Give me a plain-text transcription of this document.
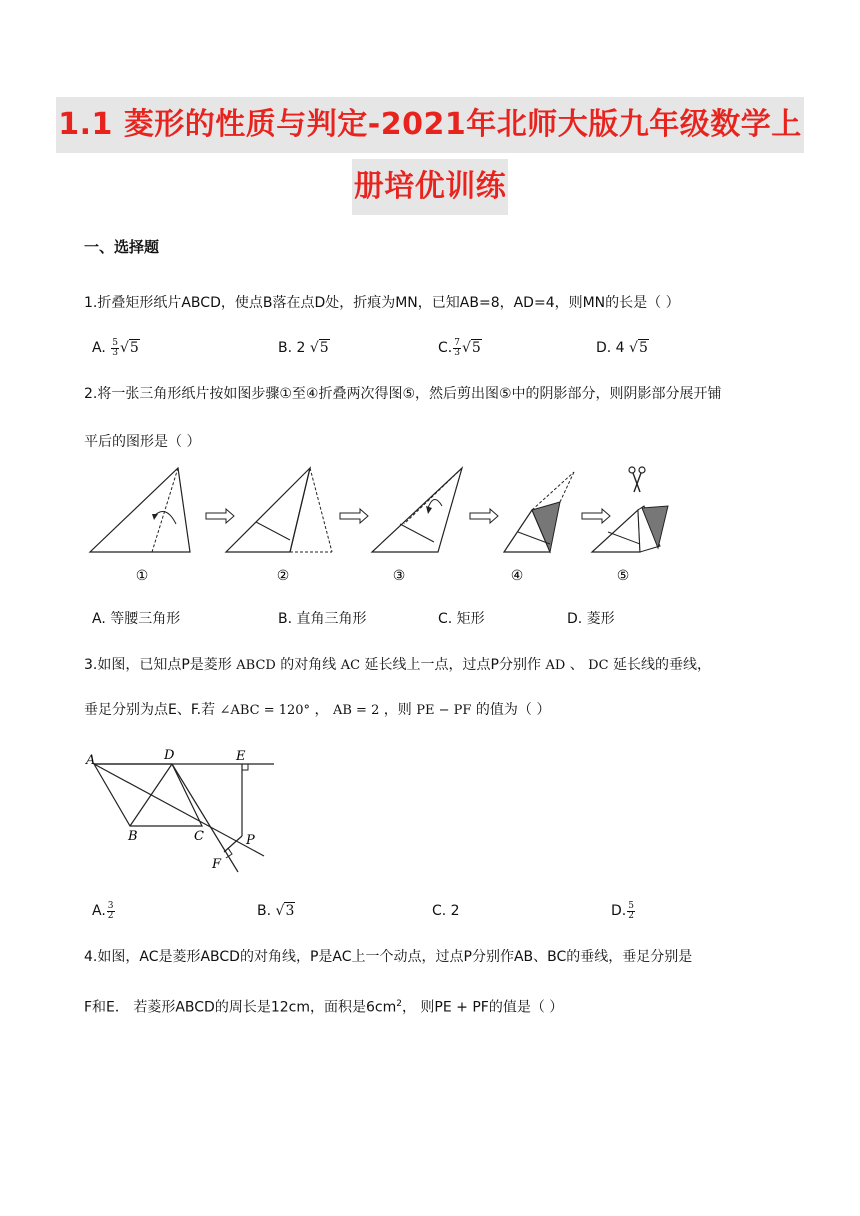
1.1 菱形的性质与判定-2021年北师大版九年级数学上
册培优训练
一、选择题
1.折叠矩形纸片ABCD，使点B落在点D处，折痕为MN，已知AB=8，AD=4，则MN的长是（ ）
A. $\frac{5}{3} √5$	B. 2 √5	C. $\frac{7}{3} √5$	D. 4 √5
2.将一张三角形纸片按如图步骤①至④折叠两次得图⑤，然后剪出图⑤中的阴影部分，则阴影部分展开铺
平后的图形是（ ）
①	②	③	④	⑤
A. 等腰三角形	B. 直角三角形	C. 矩形	D. 菱形
3.如图，已知点P是菱形 ABCD 的对角线 AC 延长线上一点，过点P分别作 AD 、 DC 延长线的垂线，
垂足分别为点E、F.若 ∠ABC = 120° ， AB = 2 ，则 PE − PF 的值为（ ）
A	D	E
B	C	P
F
A. $\frac{3}{2}$	B. √3	C. 2	D. $\frac{5}{2}$
4.如图，AC是菱形ABCD的对角线，P是AC上一个动点，过点P分别作AB、BC的垂线，垂足分别是
F和E． 若菱形ABCD的周长是12cm，面积是$6cm^2$， 则PE + PF的值是（ ）
